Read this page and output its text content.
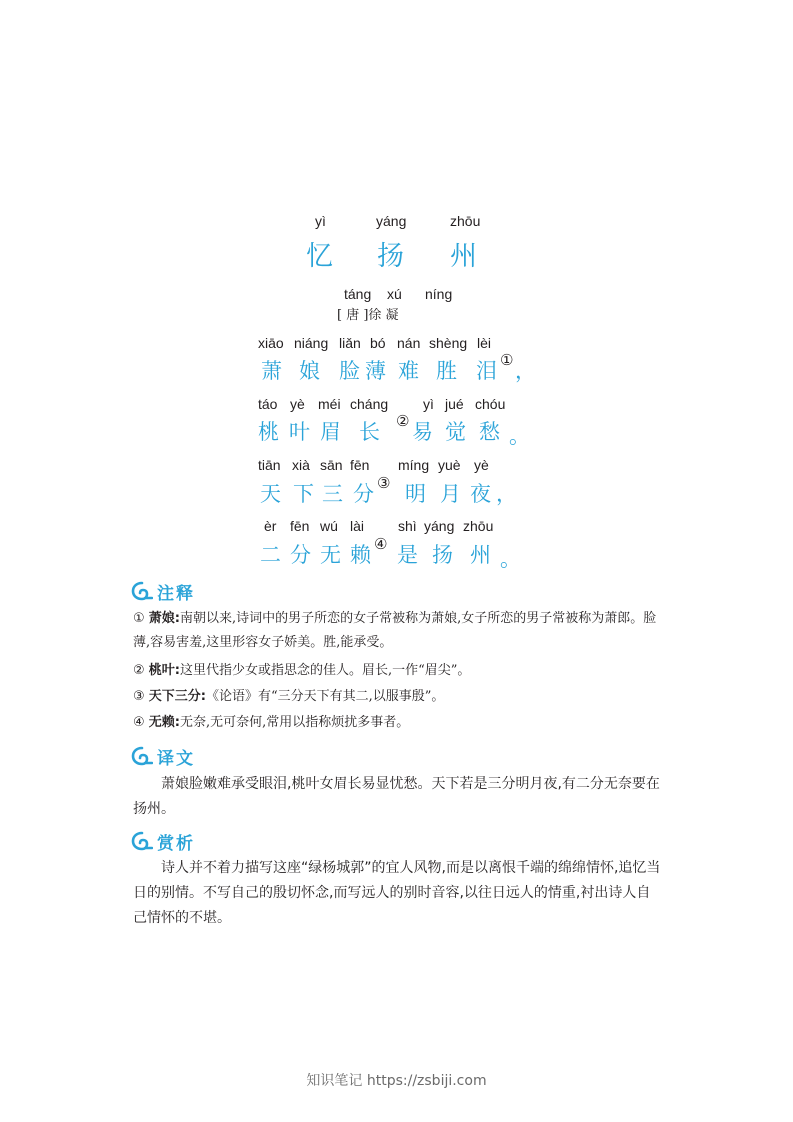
yì	yáng	zhōu
忆 扬 州
táng xú níng
[ 唐 ]徐 凝
xiāo niáng liǎn bó nán shèng lèi
萧 娘 脸 薄 难 胜 泪 ① ，
táo yè méi cháng yì jué chóu
桃 叶 眉 长 ② 易 觉 愁 。
tiān xià sān fēn míng yuè yè
天 下 三 分 ③ 明 月 夜 ，
èr fēn wú lài shì yáng zhōu
二 分 无 赖 ④ 是 扬 州 。
注释
① 萧娘:南朝以来,诗词中的男子所恋的女子常被称为萧娘,女子所恋的男子常被称为萧郎。脸薄,容易害羞,这里形容女子娇美。胜,能承受。
② 桃叶:这里代指少女或指思念的佳人。眉长,一作“眉尖”。
③ 天下三分:《论语》有“三分天下有其二,以服事殷”。
④ 无赖:无奈,无可奈何,常用以指称烦扰多事者。
译文
萧娘脸嫩难承受眼泪,桃叶女眉长易显忧愁。天下若是三分明月夜,有二分无奈要在扬州。
赏析
诗人并不着力描写这座“绿杨城郭”的宜人风物,而是以离恨千端的绵绵情怀,追忆当日的别情。不写自己的殷切怀念,而写远人的别时音容,以往日远人的情重,衬出诗人自己情怀的不堪。
知识笔记 https://zsbiji.com
